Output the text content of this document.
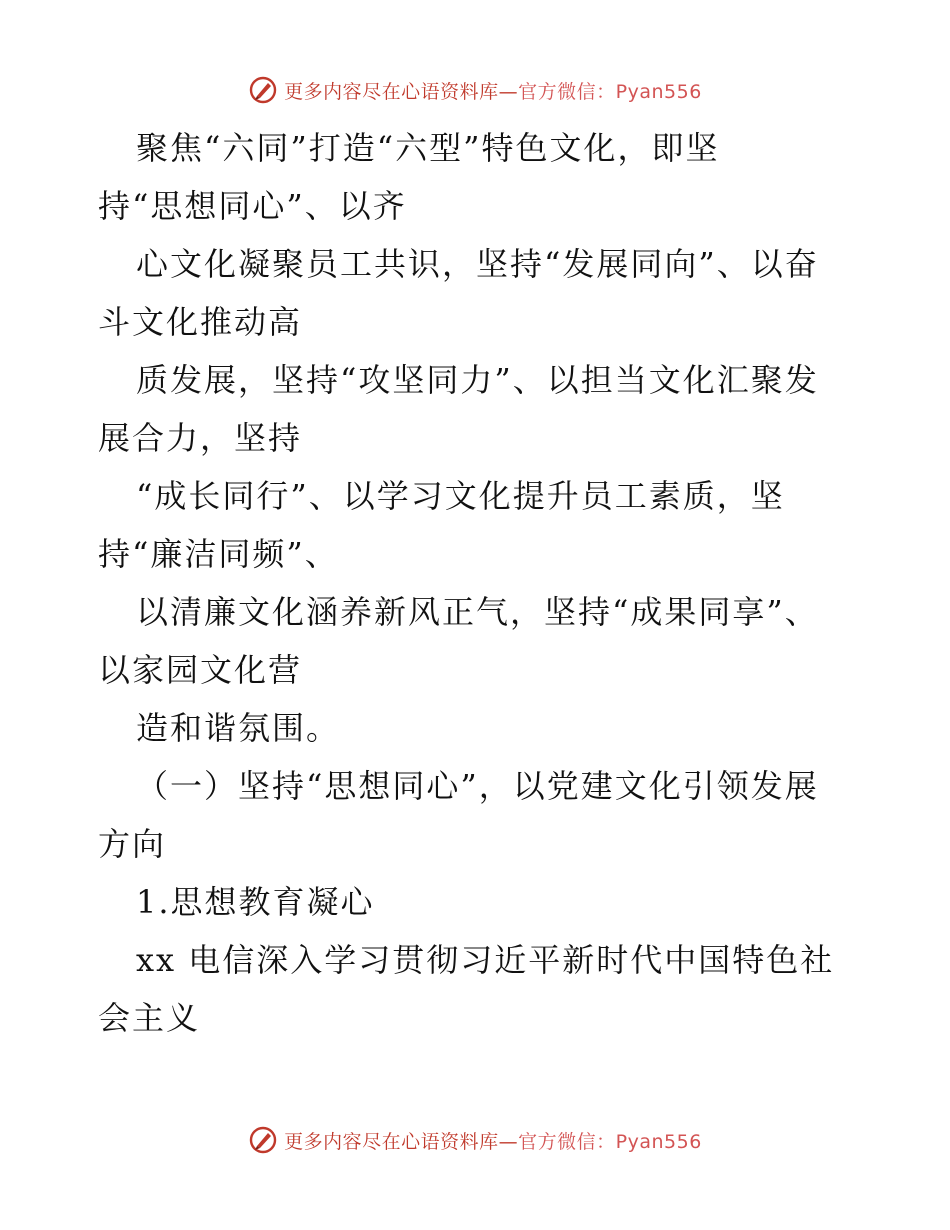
更多内容尽在心语资料库—官方微信：Pyan556
聚焦“六同”打造“六型”特色文化，即坚
持“思想同心”、以齐
心文化凝聚员工共识，坚持“发展同向”、以奋
斗文化推动高
质发展，坚持“攻坚同力”、以担当文化汇聚发
展合力，坚持
“成长同行”、以学习文化提升员工素质，坚
持“廉洁同频”、
以清廉文化涵养新风正气，坚持“成果同享”、
以家园文化营
造和谐氛围。
（一）坚持“思想同心”，以党建文化引领发展
方向
1.思想教育凝心
xx 电信深入学习贯彻习近平新时代中国特色社
会主义
更多内容尽在心语资料库—官方微信：Pyan556
